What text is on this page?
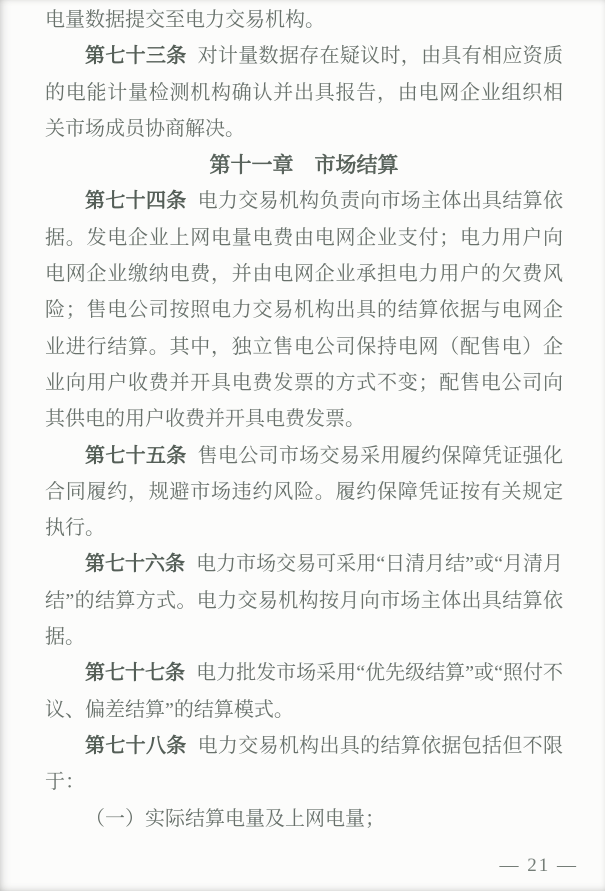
电量数据提交至电力交易机构。

第七十三条 对计量数据存在疑议时，由具有相应资质的电能计量检测机构确认并出具报告，由电网企业组织相关市场成员协商解决。

第十一章　市场结算

第七十四条 电力交易机构负责向市场主体出具结算依据。发电企业上网电量电费由电网企业支付；电力用户向电网企业缴纳电费，并由电网企业承担电力用户的欠费风险；售电公司按照电力交易机构出具的结算依据与电网企业进行结算。其中，独立售电公司保持电网（配售电）企业向用户收费并开具电费发票的方式不变；配售电公司向其供电的用户收费并开具电费发票。

第七十五条 售电公司市场交易采用履约保障凭证强化合同履约，规避市场违约风险。履约保障凭证按有关规定执行。

第七十六条 电力市场交易可采用“日清月结”或“月清月结”的结算方式。电力交易机构按月向市场主体出具结算依据。

第七十七条 电力批发市场采用“优先级结算”或“照付不议、偏差结算”的结算模式。

第七十八条 电力交易机构出具的结算依据包括但不限于：

（一）实际结算电量及上网电量；

— 21 —
